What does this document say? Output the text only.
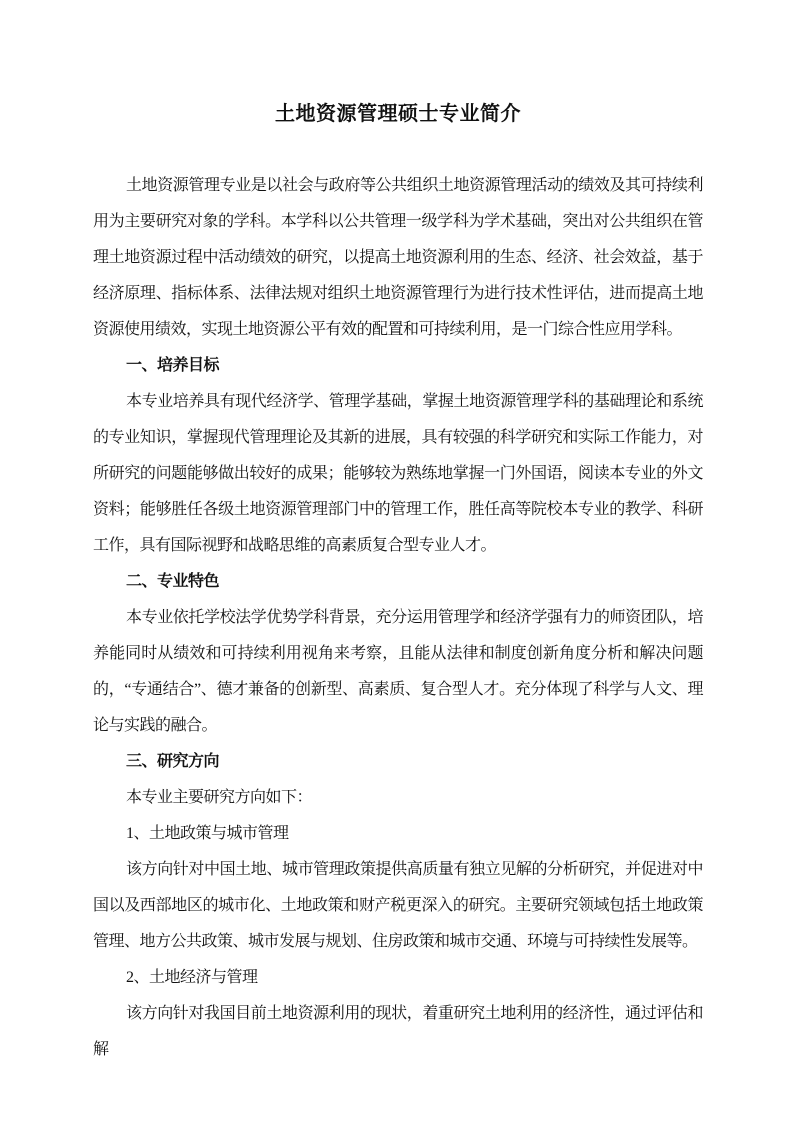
土地资源管理硕士专业简介

土地资源管理专业是以社会与政府等公共组织土地资源管理活动的绩效及其可持续利用为主要研究对象的学科。本学科以公共管理一级学科为学术基础，突出对公共组织在管理土地资源过程中活动绩效的研究，以提高土地资源利用的生态、经济、社会效益，基于经济原理、指标体系、法律法规对组织土地资源管理行为进行技术性评估，进而提高土地资源使用绩效，实现土地资源公平有效的配置和可持续利用，是一门综合性应用学科。

一、培养目标

本专业培养具有现代经济学、管理学基础，掌握土地资源管理学科的基础理论和系统的专业知识，掌握现代管理理论及其新的进展，具有较强的科学研究和实际工作能力，对所研究的问题能够做出较好的成果；能够较为熟练地掌握一门外国语，阅读本专业的外文资料；能够胜任各级土地资源管理部门中的管理工作，胜任高等院校本专业的教学、科研工作，具有国际视野和战略思维的高素质复合型专业人才。

二、专业特色

本专业依托学校法学优势学科背景，充分运用管理学和经济学强有力的师资团队，培养能同时从绩效和可持续利用视角来考察，且能从法律和制度创新角度分析和解决问题的，“专通结合”、德才兼备的创新型、高素质、复合型人才。充分体现了科学与人文、理论与实践的融合。

三、研究方向

本专业主要研究方向如下：

1、土地政策与城市管理

该方向针对中国土地、城市管理政策提供高质量有独立见解的分析研究，并促进对中国以及西部地区的城市化、土地政策和财产税更深入的研究。主要研究领域包括土地政策管理、地方公共政策、城市发展与规划、住房政策和城市交通、环境与可持续性发展等。

2、土地经济与管理

该方向针对我国目前土地资源利用的现状，着重研究土地利用的经济性，通过评估和解
